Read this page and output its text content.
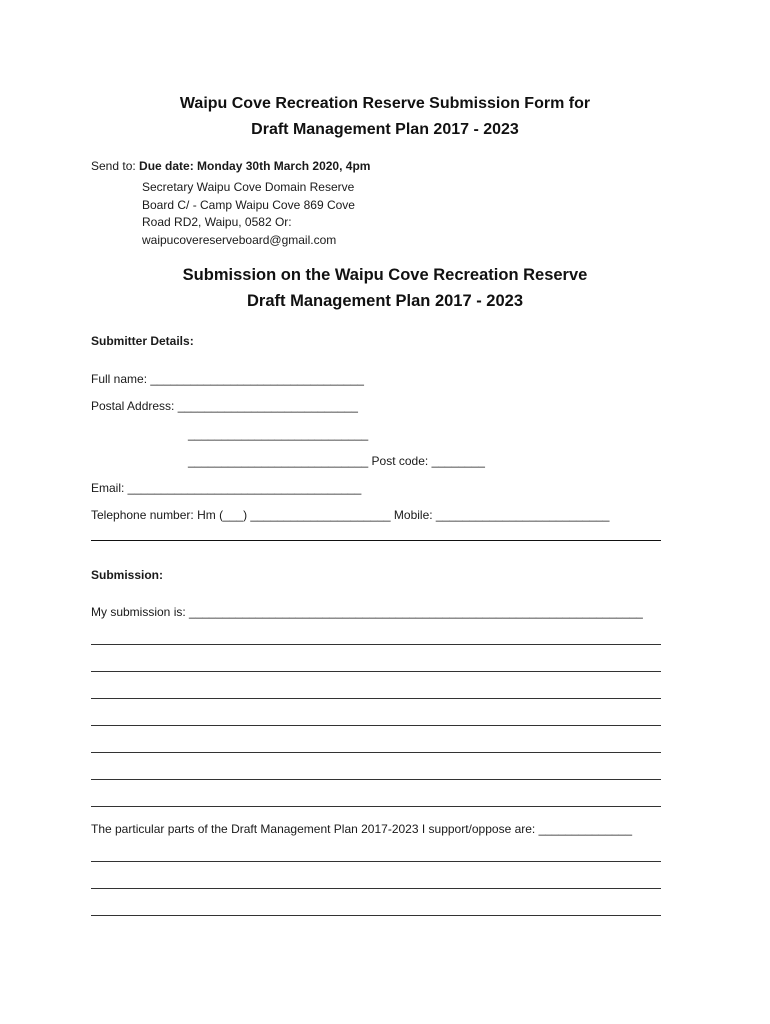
Waipu Cove Recreation Reserve Submission Form for
Draft Management Plan 2017 - 2023
Send to: Due date: Monday 30th March 2020, 4pm
Secretary Waipu Cove Domain Reserve
Board C/ - Camp Waipu Cove 869 Cove
Road RD2, Waipu, 0582 Or:
waipucovereserveboard@gmail.com
Submission on the Waipu Cove Recreation Reserve
Draft Management Plan 2017 - 2023
Submitter Details:
Full name: ________________________________
Postal Address: ___________________________
___________________________
___________________________ Post code: ________
Email: ___________________________________
Telephone number: Hm (___) _____________________ Mobile: __________________________
Submission:
My submission is: ____________________________________________________________________
The particular parts of the Draft Management Plan 2017-2023 I support/oppose are: ______________
